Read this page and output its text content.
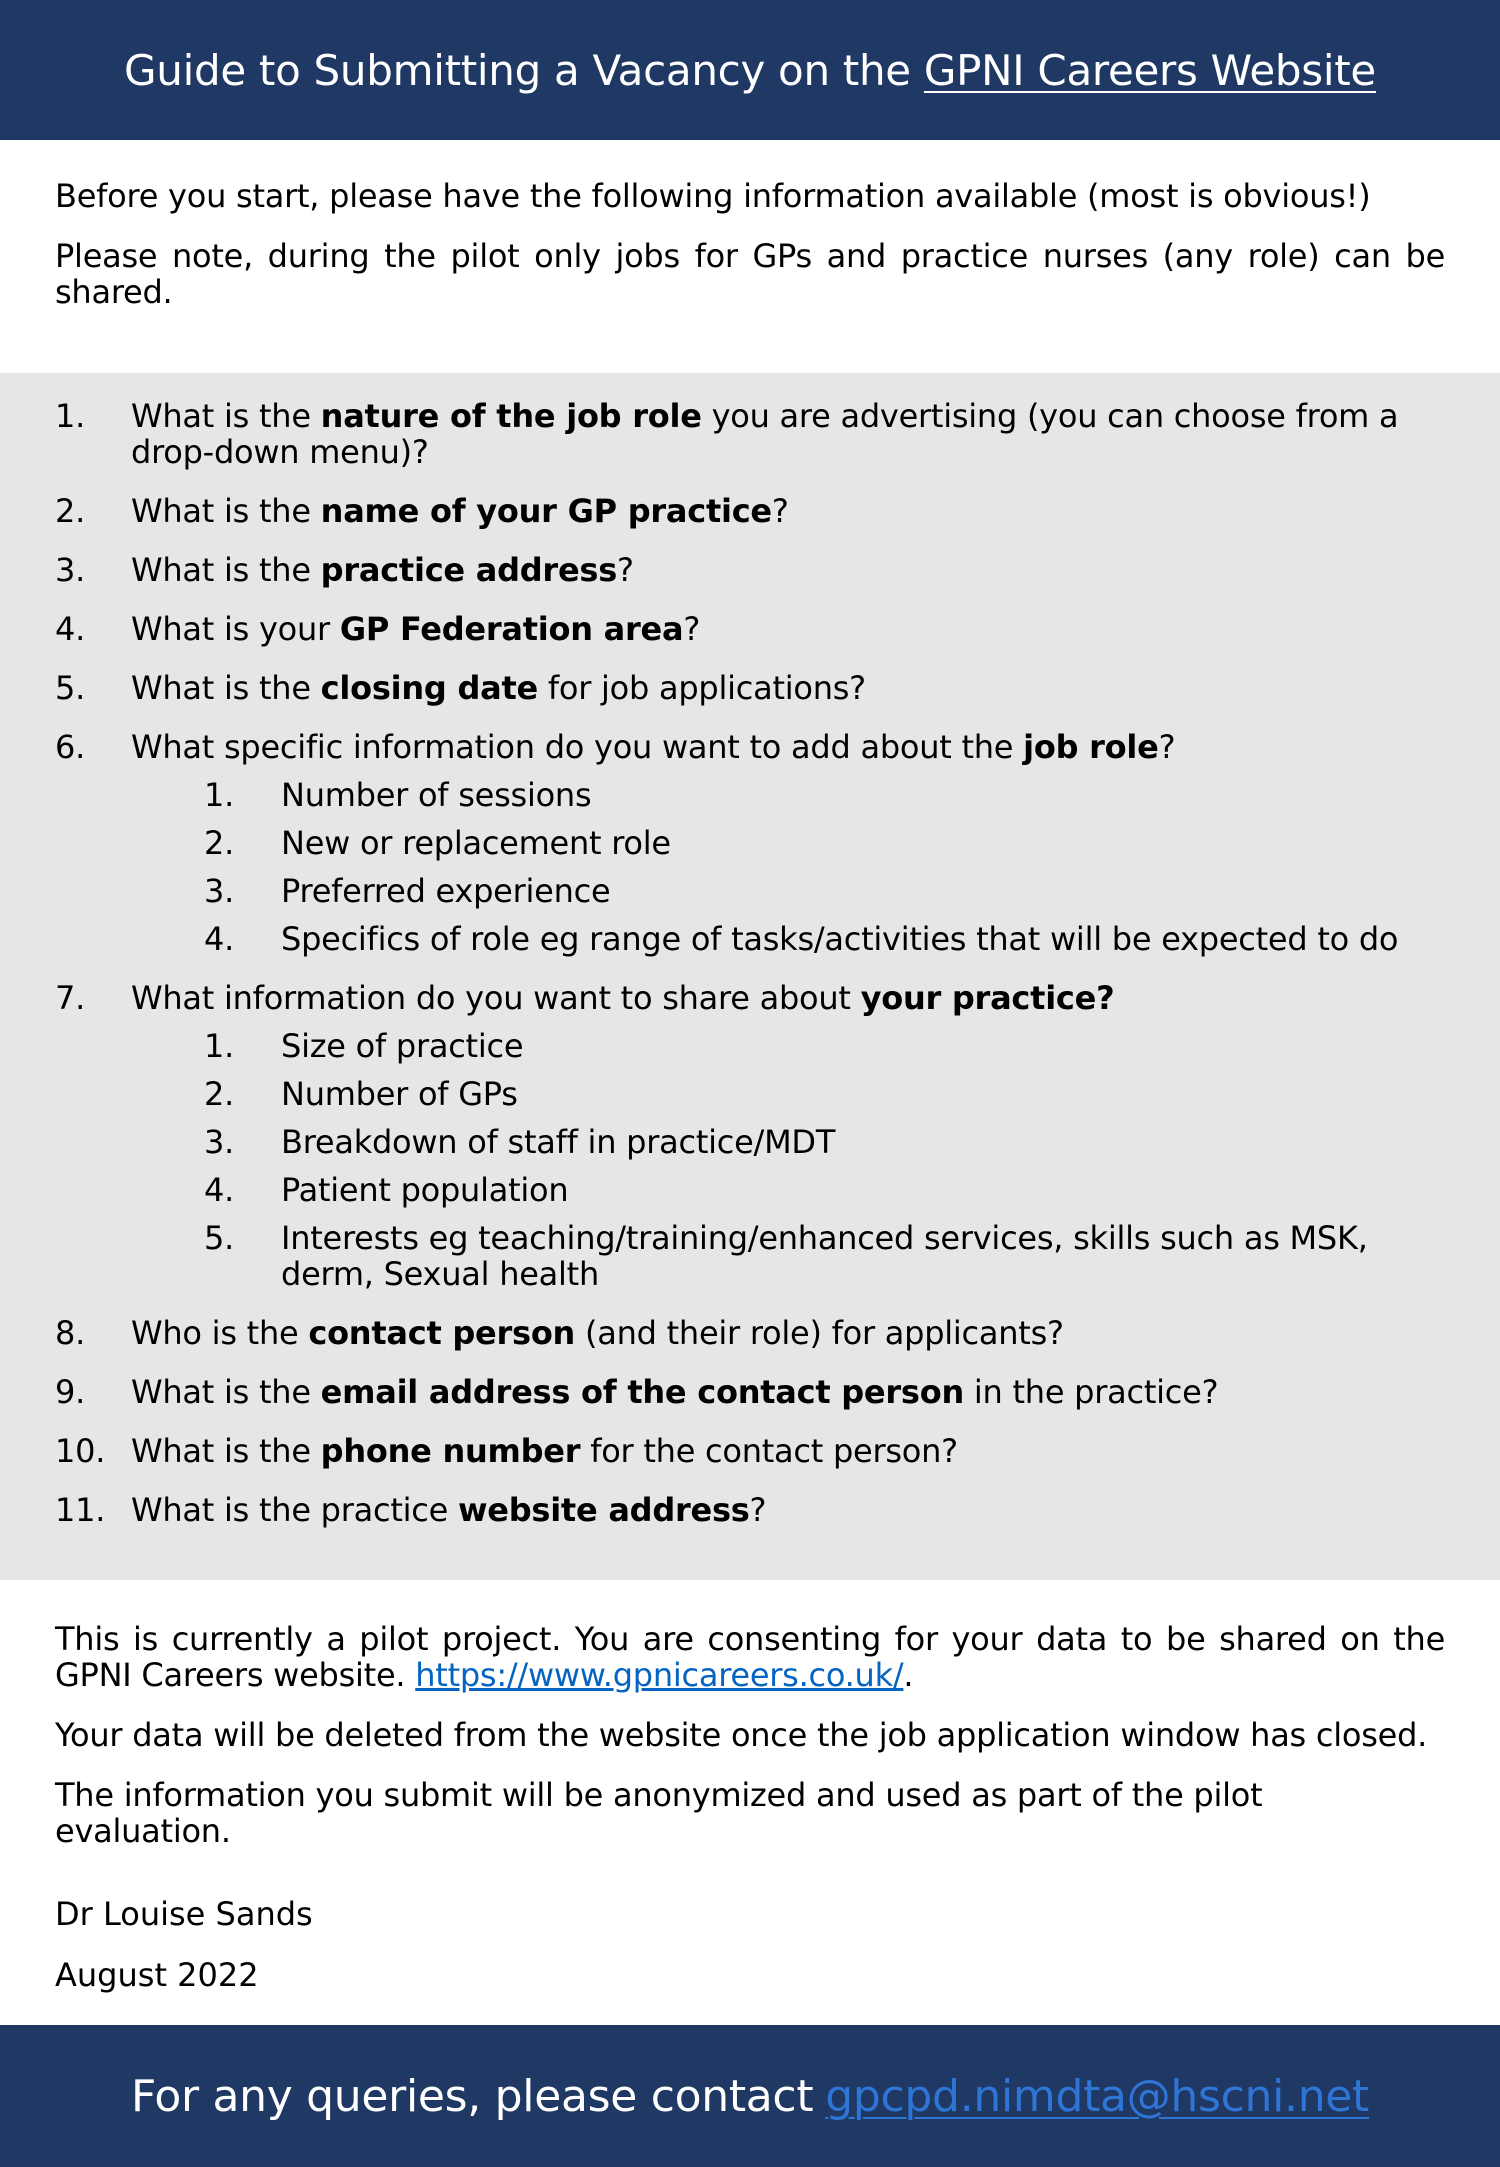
Guide to Submitting a Vacancy on the GPNI Careers Website

Before you start, please have the following information available (most is obvious!)

Please note, during the pilot only jobs for GPs and practice nurses (any role) can be shared.

1. What is the nature of the job role you are advertising (you can choose from a drop-down menu)?
2. What is the name of your GP practice?
3. What is the practice address?
4. What is your GP Federation area?
5. What is the closing date for job applications?
6. What specific information do you want to add about the job role?
1. Number of sessions
2. New or replacement role
3. Preferred experience
4. Specifics of role eg range of tasks/activities that will be expected to do
7. What information do you want to share about your practice?
1. Size of practice
2. Number of GPs
3. Breakdown of staff in practice/MDT
4. Patient population
5. Interests eg teaching/training/enhanced services, skills such as MSK, derm, Sexual health
8. Who is the contact person (and their role) for applicants?
9. What is the email address of the contact person in the practice?
10. What is the phone number for the contact person?
11. What is the practice website address?

This is currently a pilot project. You are consenting for your data to be shared on the GPNI Careers website. https://www.gpnicareers.co.uk/.

Your data will be deleted from the website once the job application window has closed.

The information you submit will be anonymized and used as part of the pilot evaluation.

Dr Louise Sands

August 2022

For any queries, please contact gpcpd.nimdta@hscni.net
